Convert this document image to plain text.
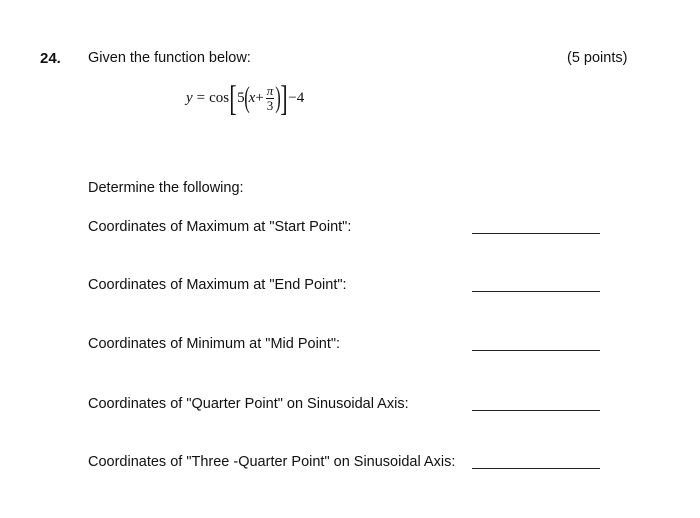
24. Given the function below:	(5 points)
y = cos [ 5 ( $x + \frac{\pi}{3}$ ) ] − 4
Determine the following:
Coordinates of Maximum at "Start Point":
Coordinates of Maximum at "End Point":
Coordinates of Minimum at "Mid Point":
Coordinates of "Quarter Point" on Sinusoidal Axis:
Coordinates of "Three -Quarter Point" on Sinusoidal Axis:
